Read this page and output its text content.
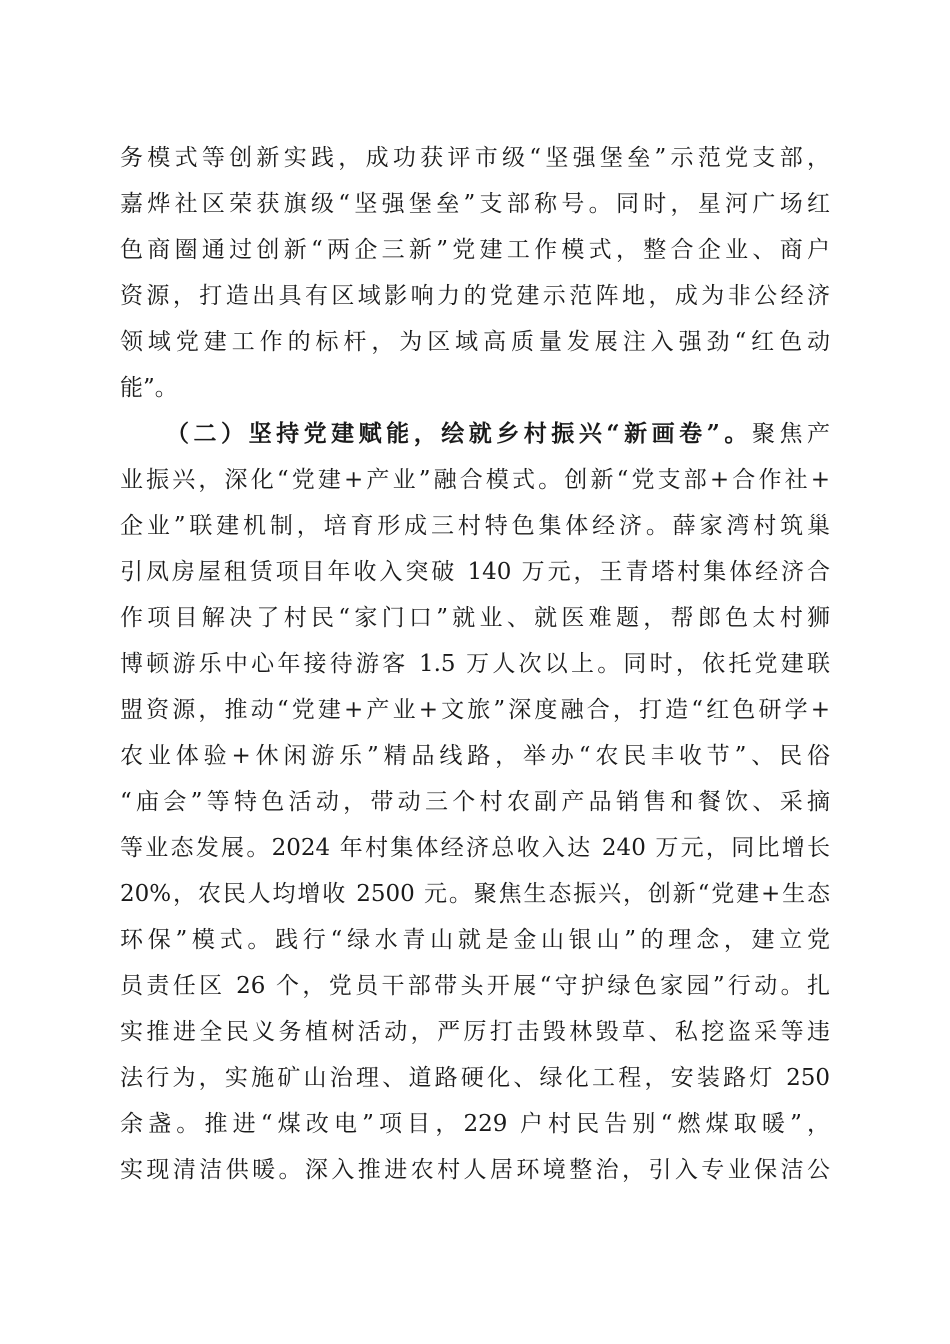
务模式等创新实践，成功获评市级“坚强堡垒”示范党支部，
嘉烨社区荣获旗级“坚强堡垒”支部称号。同时，星河广场红
色商圈通过创新“两企三新”党建工作模式，整合企业、商户
资源，打造出具有区域影响力的党建示范阵地，成为非公经济
领域党建工作的标杆，为区域高质量发展注入强劲“红色动
能”。
（二）坚持党建赋能，绘就乡村振兴“新画卷”。聚焦产
业振兴，深化“党建+产业”融合模式。创新“党支部+合作社+
企业”联建机制，培育形成三村特色集体经济。薛家湾村筑巢
引凤房屋租赁项目年收入突破 140 万元，王青塔村集体经济合
作项目解决了村民“家门口”就业、就医难题，帮郎色太村狮
博顿游乐中心年接待游客 1.5 万人次以上。同时，依托党建联
盟资源，推动“党建+产业+文旅”深度融合，打造“红色研学+
农业体验+休闲游乐”精品线路，举办“农民丰收节”、民俗
“庙会”等特色活动，带动三个村农副产品销售和餐饮、采摘
等业态发展。2024 年村集体经济总收入达 240 万元，同比增长
20%，农民人均增收 2500 元。聚焦生态振兴，创新“党建+生态
环保”模式。践行“绿水青山就是金山银山”的理念，建立党
员责任区 26 个，党员干部带头开展“守护绿色家园”行动。扎
实推进全民义务植树活动，严厉打击毁林毁草、私挖盗采等违
法行为，实施矿山治理、道路硬化、绿化工程，安装路灯 250
余盏。推进“煤改电”项目，229 户村民告别“燃煤取暖”，
实现清洁供暖。深入推进农村人居环境整治，引入专业保洁公
